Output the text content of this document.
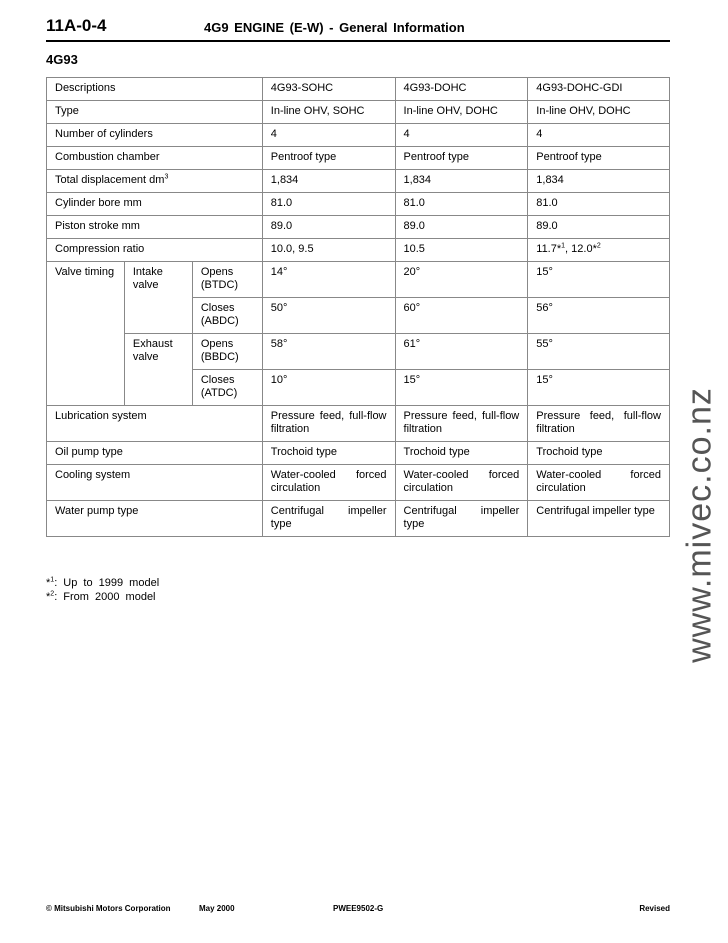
11A-0-4	4G9 ENGINE (E-W) - General Information
4G93
Descriptions			4G93-SOHC	4G93-DOHC	4G93-DOHC-GDI
Type			In-line OHV, SOHC	In-line OHV, DOHC	In-line OHV, DOHC
Number of cylinders			4	4	4
Combustion chamber			Pentroof type	Pentroof type	Pentroof type
Total displacement $dm^3$			1,834	1,834	1,834
Cylinder bore mm			81.0	81.0	81.0
Piston stroke mm			89.0	89.0	89.0
Compression ratio			10.0, 9.5	10.5	11.7*$^1$, 12.0*$^2$
Valve timing	Intake valve	Opens (BTDC)	14°	20°	15°
		Closes (ABDC)	50°	60°	56°
	Exhaust valve	Opens (BBDC)	58°	61°	55°
		Closes (ATDC)	10°	15°	15°
Lubrication system			Pressure feed, full-flow filtration	Pressure feed, full-flow filtration	Pressure feed, full-flow filtration
Oil pump type			Trochoid type	Trochoid type	Trochoid type
Cooling system			Water-cooled forced circulation	Water-cooled forced circulation	Water-cooled forced circulation
Water pump type			Centrifugal impeller type	Centrifugal impeller type	Centrifugal impeller type
*$^1$: Up to 1999 model
*$^2$: From 2000 model	www.mivec.co.nz
© Mitsubishi Motors Corporation	May 2000	PWEE9502-G	Revised
